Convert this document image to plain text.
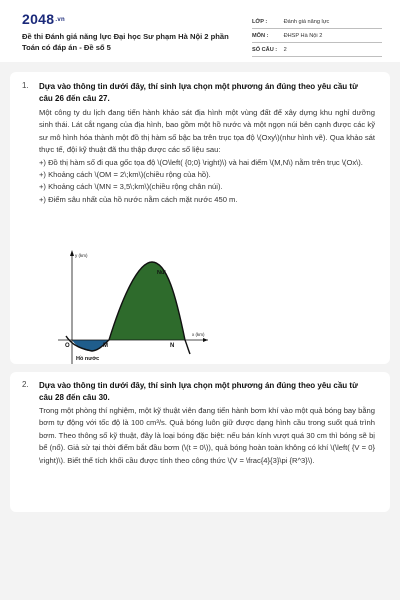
$2048_{.vn}$
Đề thi Đánh giá năng lực Đại học Sư phạm Hà Nội 2 phần Toán có đáp án - Đề số 5
LỚP :	Đánh giá năng lực
MÔN :	ĐHSP Hà Nội 2
SỐ CÂU : 2
1. Dựa vào thông tin dưới đây, thí sinh lựa chọn một phương án đúng theo yêu cầu từ câu 26 đến câu 27.

Một công ty du lịch đang tiến hành khảo sát địa hình một vùng đất để xây dựng khu nghỉ dưỡng sinh thái. Lát cắt ngang của địa hình, bao gồm một hồ nước và một ngọn núi bên cạnh được các kỹ sư mô hình hóa thành một đồ thị hàm số bậc ba trên trục tọa độ \(Oxy\)(như hình vẽ). Qua khảo sát thực tế, đội kỹ thuật đã thu thập được các số liệu sau:

+) Đồ thị hàm số đi qua gốc tọa độ \(O\left( {0;0} \right)\) và hai điểm \(M,N\) nằm trên trục \(Ox\).

+) Khoảng cách \(OM = 2\;km\)(chiều rộng của hồ).

+) Khoảng cách \(MN = 3,5\;km\)(chiều rộng chân núi).

+) Điểm sâu nhất của hồ nước nằm cách mặt nước 450 m.

y (km)
x (km)
Núi
Hồ nước
O	M	N
2. Dựa vào thông tin dưới đây, thí sinh lựa chọn một phương án đúng theo yêu cầu từ câu 28 đến câu 30.

Trong một phòng thí nghiệm, một kỹ thuật viên đang tiến hành bơm khí vào một quả bóng bay bằng bơm tự động với tốc độ là 100 cm³/s. Quả bóng luôn giữ được dạng hình cầu trong suốt quá trình bơm. Theo thông số kỹ thuật, đây là loại bóng đặc biệt: nếu bán kính vượt quá 30 cm thì bóng sẽ bị bể (nổ). Giả sử tại thời điểm bắt đầu bơm (\(t = 0\)), quả bóng hoàn toàn không có khí \(\left( {V = 0} \right)\). Biết thể tích khối cầu được tính theo công thức \(V = \frac{4}{3}\pi {R^3}\).
